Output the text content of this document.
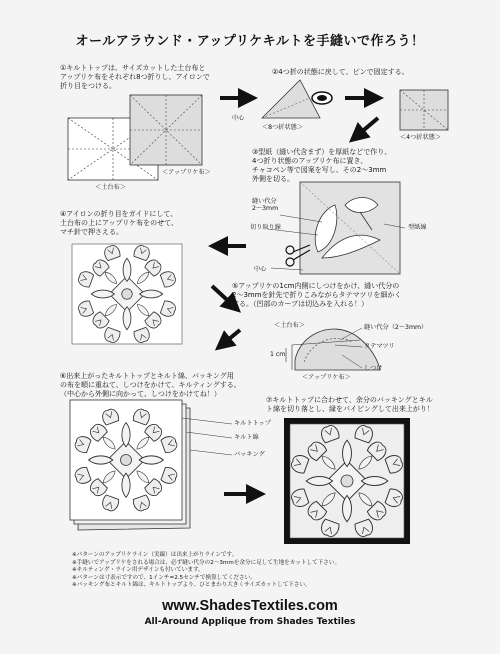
オールアラウンド・アップリケキルトを手縫いで作ろう！
①キルトトップは、サイズカットした土台布と
アップリケ布をそれぞれ8つ折りし、アイロンで
折り目をつける。
②4つ折の状態に戻して、ピンで固定する。
③型紙（縫い代含まず）を厚紙などで作り、
4つ折り状態のアップリケ布に置き、
チャコペン等で図案を写し、その2～3mm
外側を切る。
④アイロンの折り目をガイドにして、
土台布の上にアップリケ布をのせて、
マチ針で押さえる。
⑤アップリケの1cm内側にしつけをかけ、縫い代分の
2～3mmを針先で折りこみながらタテマツリを細かく
する。（凹部のカーブは切込みを入れる！）
⑥出来上がったキルトトップとキルト綿、バッキング用
の布を順に重ねて、しつけをかけて、キルティングする。
（中心から外側に向かって、しつけをかけてね！）
⑦キルトトップに合わせて、余分のバッキングとキル
ト綿を切り落とし、縁をパイピングして出来上がり！
＜土台布＞
＜アップリケ布＞
中心
＜8つ折状態＞
＜4つ折状態＞
縫い代分
2～3mm
切り取り線	型紙線
中心
＜土台布＞	縫い代分（2～3mm）
タテマツリ
しつけ
1 cm
＜アップリケ布＞
キルトトップ
キルト綿
バッキング
※パターンのアップリケライン（実線）は出来上がりラインです。
※手縫いでアップリケをされる場合は、必ず縫い代分の2～3mmを余分に足して生地をカットして下さい。
※キルティング・ライン用デザインも付いています。
※パターンは寸表示ですので、1インチ=2.5センチで換算してください。
※バッキング布とキルト綿は、キルトトップより、ひとまわり大きくサイズカットして下さい。
www.ShadesTextiles.com
All-Around Applique from Shades Textiles
